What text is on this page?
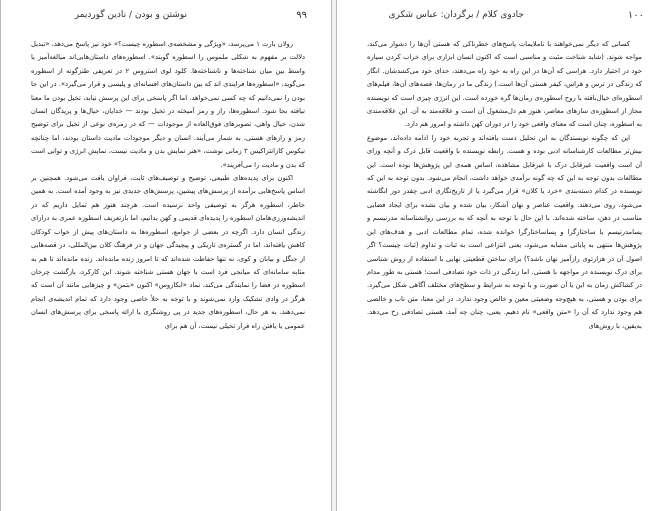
۹۹
نوشتن و بودن / نادین گوردیمر

رولان بارت ۱ می‌پرسد، «ویژگی و مشخصه‌ی اسطوره چیست؟» خود نیز پاسخ می‌دهد، «تبدیل دلالت بر مفهوم به شکلی ملموس را اسطوره گویند». اسطوره‌های داستان‌هایی‌اند مبالغه‌آمیز یا واسط بین میان شناخته‌ها و ناشناخته‌ها. کلود لوی استروس ۲ در تعریفی طنزگونه از اسطوره می‌گوید، «اسطوره‌ها فرایندی اند که بین داستان‌های افسانه‌ای و پلیسی و قرار می‌گیرد». در این جا بودن را نمی‌دانیم که چه کسی نمی‌خواهد. اما اگر پاسخی برای این پرسش نیابد، تخیل بودن ما معنا نیافته بجا شود. اسطوره‌ها، راز و رمز آمیخته در تخیل بودند — خدایان، خیال‌ها و پریدگان انسان شدن، خیال واهی، تصویرهای فوق‌العاده از موجودات — که در زمره‌ی نوعی از تخیل برای توضیح رمز و رازهای هستی، به شمار می‌آیند. انسان و دیگر موجودات مادیت داستان بودند، اما چنانچه نیکوس کازانتزاکیس ۳ زمانی نوشت، «هنر نمایش بدن و مادیت نیست، نمایش انرژی و توانی است که بدن و مادیت را می‌آفریند».

اکنون برای پدیده‌های طبیعی، توضیح و توصیف‌های ثابت، فراوان یافت می‌شود. همچنین بر اساس پاسخ‌هایی برآمده از پرسش‌های پیشین، پرسش‌های جدیدی نیز به وجود آمده است. به همین خاطر، اسطوره هرگز به توصیفی واحد نرسیده است. هرچند هنوز هم تمایل داریم که در اندیشه‌ورزی‌هامان اسطوره را پدیده‌ای قدیمی و کهن بدانیم، اما بازتعریف اسطوره عمری به درازای زندگی انسان دارد. اگرچه در بعضی از جوامع، اسطوره‌ها به داستان‌های پیش از خواب کودکان کاهش یافته‌اند، اما در گستره‌ی تاریکی و پیچیدگی جهان و در فرهنگ کلان بین‌المللی، در قصه‌هایی از جنگل و بیابان و کوی، نه تنها حفاظت شده‌اند که تا امروز زنده مانده‌اند. زنده مانده‌اند تا هم به مثابه سامانه‌ای که میانجی فرد است با جهان هستی شناخته شوند. این کارکرد، بازگشت چرخان اسطوره در فضا را نمایندگی می‌کند، نماد «ابکاروس» اکنون «بتمن» و چیزهایی مانند آن است که هرگز در وادی تشکیک وارد نمی‌شوند و با توجه به خلأ خاصی وجود دارد که تمام اندیشه‌ی انجام نمی‌دهند. به هر حال، اسطوره‌های جدید در پی روشنگری یا ارائه پاسخی برای پرسش‌های انسان عمومی یا یافتن راه فرار تخیلی نیست، آن هم برای

۱۰۰
جادوی کلام / برگردان: عباس شکری

کسانی که دیگر نمی‌خواهند با ناملایمات پاسخ‌های خطرناکی که هستی آن‌ها را دشوار می‌کند، مواجه شوند. (شاید شناخت مثبت و مناسبی است که اکنون انسان ابزاری برای خراب کردن سیاره خود در اختیار دارد. هراسی که آن‌ها در این راه به خود راه می‌دهند، خدای خود می‌کشدشان. انگار که زندگی در ترس و هراس، کیفر هستی آن‌ها است.) زندگی ما در رمان‌ها، قصه‌های آن‌ها، فیلم‌های اسطوره‌ای خیال‌بافته با روح اسطوره‌ی رمان‌ها گره خورده است. این انرژی چیزی است که نویسنده مجاز از اسطوره‌ی سازهای معاصر، هنوز هم دل‌مشغول آن است و علاقه‌مند به آن. این علاقه‌مندی به اسطوره، چنان است که معنای واقعی خود را در دوران کهن داشته و امروز هم دارد.

این که چگونه نویسندگان به این تحلیل دست یافته‌اند و تجربه خود را ادامه داده‌اند، موضوع بیش‌تر مطالعات کارشناسانه ادبی بوده و هست. رابطه نویسنده با واقعیت قابل درک و آنچه ورای آن است واقعیت غیرقابل درک با غیرقابل مشاهده، اساس همه‌ی این پژوهش‌ها بوده است. این مطالعات بدون توجه به این که چه گونه برآمدی خواهد داشت، انجام می‌شود. بدون توجه به این که نویسنده در کدام دسته‌بندی «خرد یا کلان» قرار می‌گیرد یا از تاریخ‌نگاری ادبی چقدر دور انگاشته می‌شود، روی می‌دهند. واقعیت عناصر و نهان آشکار، بیان شده و بیان نشده برای ایجاد فضایی مناسب در ذهن، ساخته شده‌اند. با این حال با توجه به آنچه که به بررسی روانشناسانه مدرنیسم و پسامدرنیسم یا ساختارگرا و پساساختارگرا خوانده شده، تمام مطالعات ادبی و هدف‌های این پژوهش‌ها منتهی به پایانی مشابه می‌شود، یعنی انتزاعی است به ثبات و تداوم (ثبات چیست؟ اگر اصول آن در هزارتوی رازآمیز نهان باشد؟) برای ساختن قطعیتی نهایی با استفاده از روش شناسی برای درک نویسنده در مواجهه با هستی. اما زندگی در ذات خود تصادفی است؛ هستی به طور مدام در کشاکش زمان به این یا آن صورت و با توجه به شرایط و سطح‌های مختلف آگاهی شکل می‌گیرد. برای بودن و هستی، به هیچ‌وجه وضعیتی معین و خالص وجود ندارد. در این معنا، متن ناب و خالصی هم وجود ندارد که آن را «متن واقعی» نام دهیم. یعنی، چنان چه آمد، هستی تصادفی رخ می‌دهد. به‌یقین، با روش‌های
